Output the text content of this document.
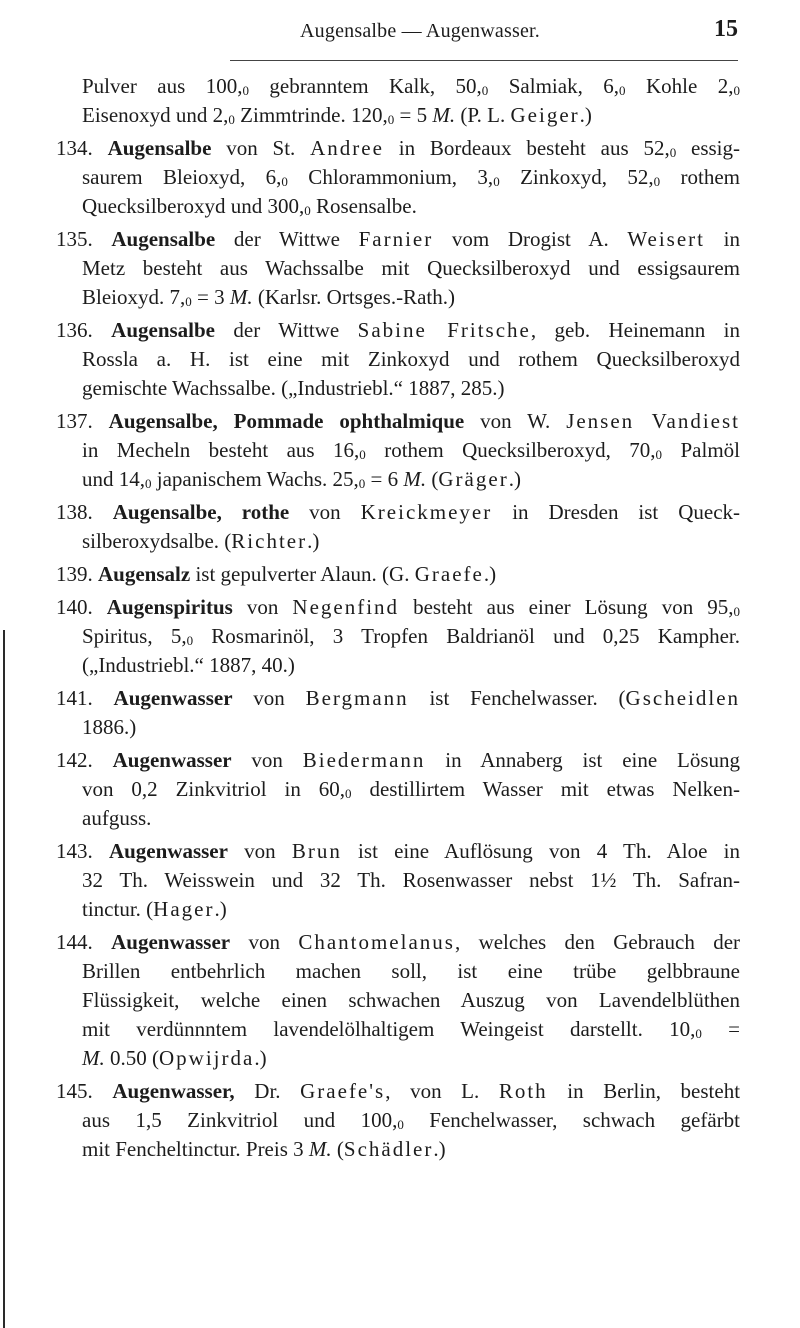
Augensalbe — Augenwasser.	15
Pulver aus $100,_0$ gebranntem Kalk, $50,_0$ Salmiak, $6,_0$ Kohle $2,_0$
Eisenoxyd und $2,_0$ Zimmtrinde. $120,_0 = 5$ M. (P. L. Geiger.)
134. Augensalbe von St. Andree in Bordeaux besteht aus $52,_0$ essig-
saurem Bleioxyd, $6,_0$ Chlorammonium, $3,_0$ Zinkoxyd, $52,_0$ rothem
Quecksilberoxyd und $300,_0$ Rosensalbe.
135. Augensalbe der Wittwe Farnier vom Drogist A. Weisert in
Metz besteht aus Wachssalbe mit Quecksilberoxyd und essigsaurem
Bleioxyd. $7,_0 = 3$ M. (Karlsr. Ortsges.-Rath.)
136. Augensalbe der Wittwe Sabine Fritsche, geb. Heinemann in
Rossla a. H. ist eine mit Zinkoxyd und rothem Quecksilberoxyd
gemischte Wachssalbe. („Industriebl.“ 1887, 285.)
137. Augensalbe, Pommade ophthalmique von W. Jensen Vandiest
in Mecheln besteht aus $16,_0$ rothem Quecksilberoxyd, $70,_0$ Palmöl
und $14,_0$ japanischem Wachs. $25,_0 = 6$ M. (Gräger.)
138. Augensalbe, rothe von Kreickmeyer in Dresden ist Queck-
silberoxydsalbe. (Richter.)
139. Augensalz ist gepulverter Alaun. (G. Graefe.)
140. Augenspiritus von Negenfind besteht aus einer Lösung von $95,_0$
Spiritus, $5,_0$ Rosmarinöl, 3 Tropfen Baldrianöl und 0,25 Kampher.
(„Industriebl.“ 1887, 40.)
141. Augenwasser von Bergmann ist Fenchelwasser. (Gscheidlen
1886.)
142. Augenwasser von Biedermann in Annaberg ist eine Lösung
von 0,2 Zinkvitriol in $60,_0$ destillirtem Wasser mit etwas Nelken-
aufguss.
143. Augenwasser von Brun ist eine Auflösung von 4 Th. Aloe in
32 Th. Weisswein und 32 Th. Rosenwasser nebst 1½ Th. Safran-
tinctur. (Hager.)
144. Augenwasser von Chantomelanus, welches den Gebrauch der
Brillen entbehrlich machen soll, ist eine trübe gelbbraune
Flüssigkeit, welche einen schwachen Auszug von Lavendelblüthen
mit verdünnntem lavendelölhaltigem Weingeist darstellt. $10,_0$ =
M. 0.50 (Opwijrda.)
145. Augenwasser, Dr. Graefe's, von L. Roth in Berlin, besteht
aus 1,5 Zinkvitriol und $100,_0$ Fenchelwasser, schwach gefärbt
mit Fencheltinctur. Preis 3 M. (Schädler.)
